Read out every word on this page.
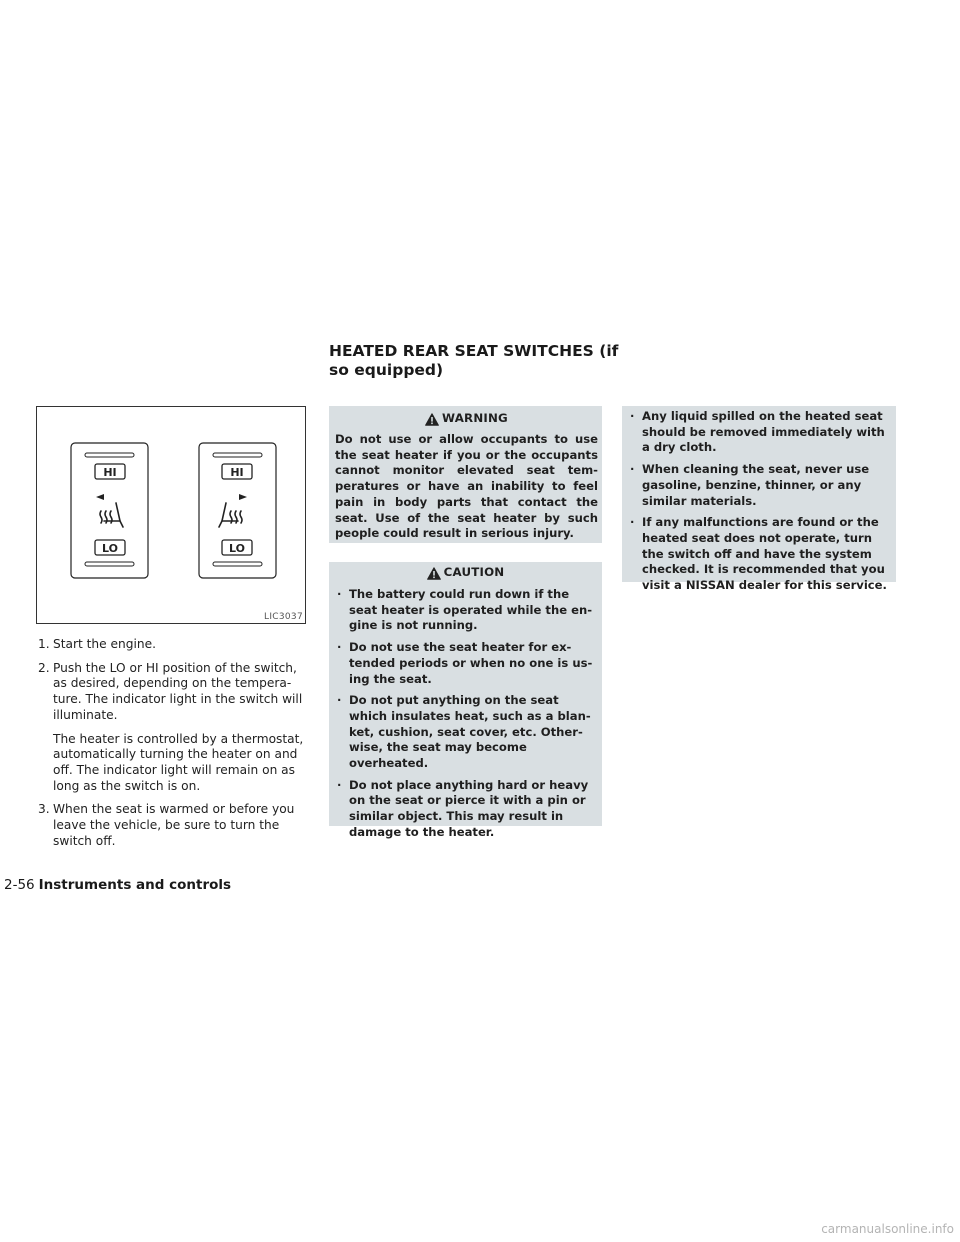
HEATED REAR SEAT SWITCHES (if so equipped)
HI
LO
HI
LO
LIC3037
1. Start the engine.

2. Push the LO or HI position of the switch, as desired, depending on the tempera- ture. The indicator light in the switch will illuminate.

The heater is controlled by a thermostat, automatically turning the heater on and off. The indicator light will remain on as long as the switch is on.

3. When the seat is warmed or before you leave the vehicle, be sure to turn the switch off.

WARNING
Do not use or allow occupants to use the seat heater if you or the occupants cannot monitor elevated seat tem- peratures or have an inability to feel pain in body parts that contact the seat. Use of the seat heater by such people could result in serious injury.
CAUTION
· The battery could run down if the seat heater is operated while the en- gine is not running.
· Do not use the seat heater for ex- tended periods or when no one is us- ing the seat.
· Do not put anything on the seat which insulates heat, such as a blan- ket, cushion, seat cover, etc. Other- wise, the seat may become overheated.
· Do not place anything hard or heavy on the seat or pierce it with a pin or similar object. This may result in damage to the heater.
· Any liquid spilled on the heated seat should be removed immediately with a dry cloth.
· When cleaning the seat, never use gasoline, benzine, thinner, or any similar materials.
· If any malfunctions are found or the heated seat does not operate, turn the switch off and have the system checked. It is recommended that you visit a NISSAN dealer for this service.
2-56 Instruments and controls
carmanualsonline.info
